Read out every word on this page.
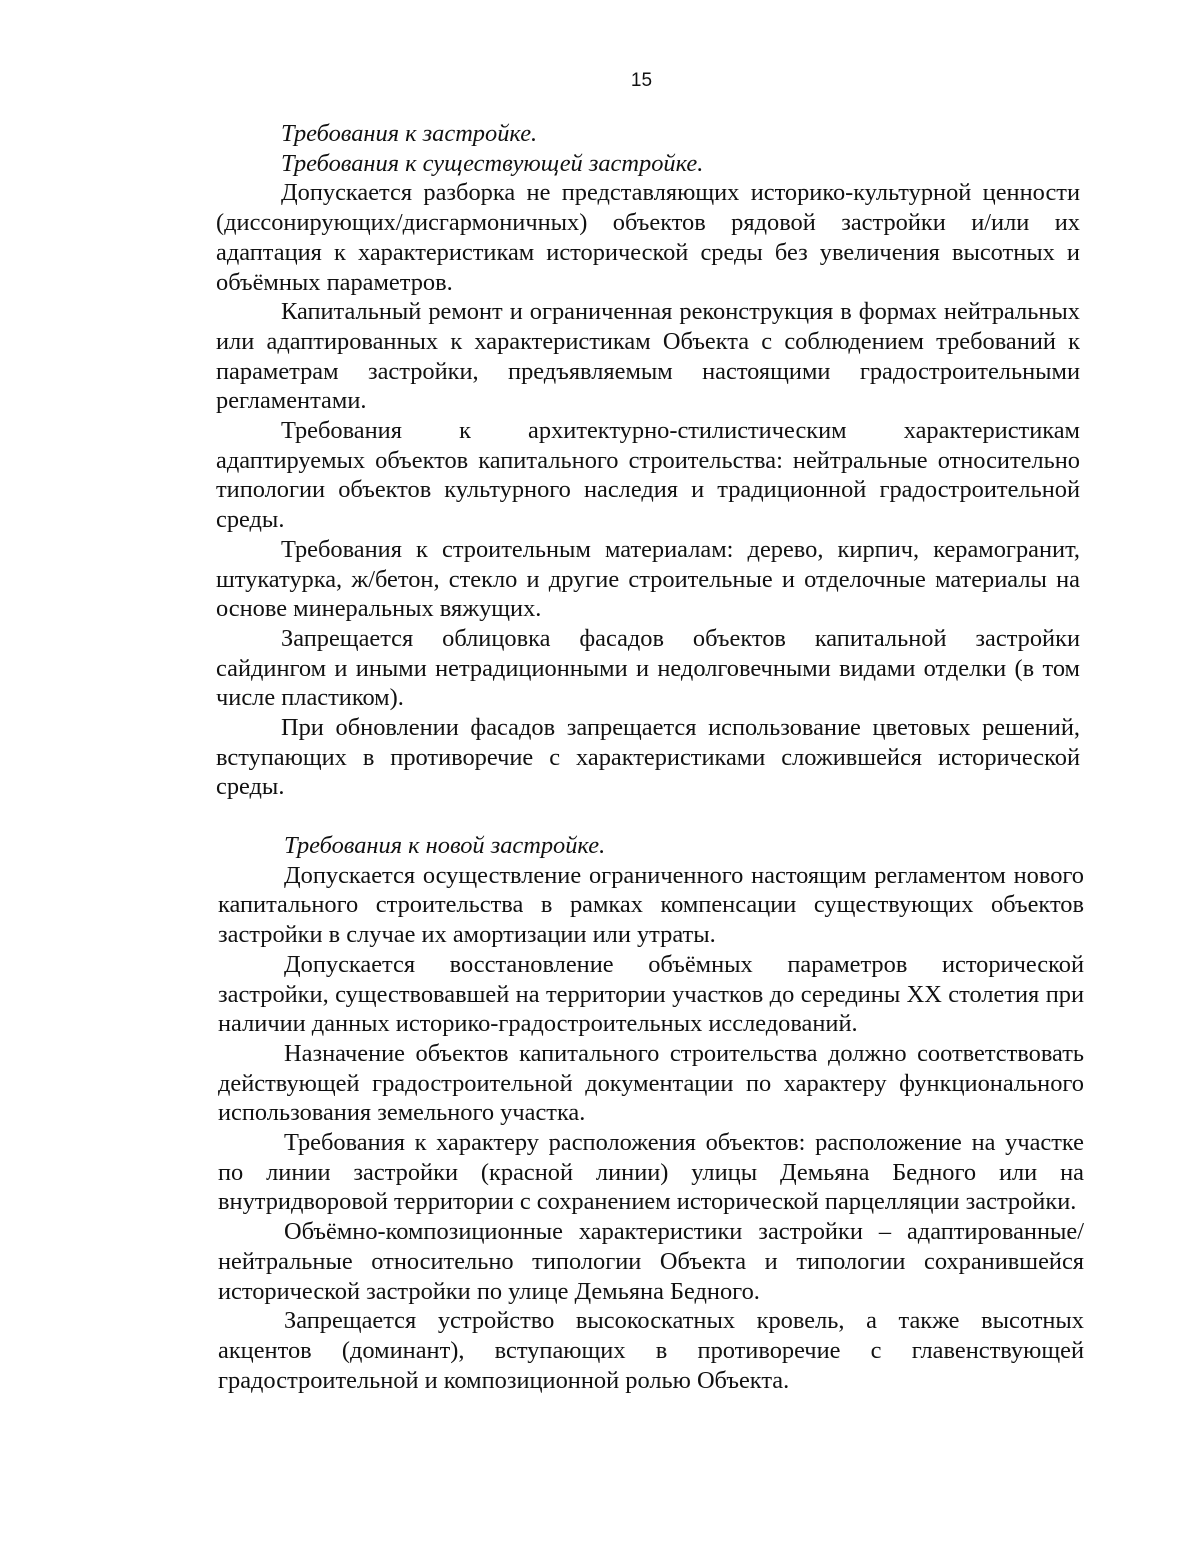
15

Требования к застройке.

Требования к существующей застройке.

Допускается разборка не представляющих историко-культурной ценности (диссонирующих/дисгармоничных) объектов рядовой застройки и/или их адаптация к характеристикам исторической среды без увеличения высотных и объёмных параметров.

Капитальный ремонт и ограниченная реконструкция в формах нейтральных или адаптированных к характеристикам Объекта с соблюдением требований к параметрам застройки, предъявляемым настоящими градостроительными регламентами.

Требования к архитектурно-стилистическим характеристикам адаптируемых объектов капитального строительства: нейтральные относительно типологии объектов культурного наследия и традиционной градостроительной среды.

Требования к строительным материалам: дерево, кирпич, керамогранит, штукатурка, ж/бетон, стекло и другие строительные и отделочные материалы на основе минеральных вяжущих.

Запрещается облицовка фасадов объектов капитальной застройки сайдингом и иными нетрадиционными и недолговечными видами отделки (в том числе пластиком).

При обновлении фасадов запрещается использование цветовых решений, вступающих в противоречие с характеристиками сложившейся исторической среды.

Требования к новой застройке.

Допускается осуществление ограниченного настоящим регламентом нового капитального строительства в рамках компенсации существующих объектов застройки в случае их амортизации или утраты.

Допускается восстановление объёмных параметров исторической застройки, существовавшей на территории участков до середины XX столетия при наличии данных историко-градостроительных исследований.

Назначение объектов капитального строительства должно соответствовать действующей градостроительной документации по характеру функционального использования земельного участка.

Требования к характеру расположения объектов: расположение на участке по линии застройки (красной линии) улицы Демьяна Бедного или на внутридворовой территории с сохранением исторической парцелляции застройки.

Объёмно-композиционные характеристики застройки – адаптированные/нейтральные относительно типологии Объекта и типологии сохранившейся исторической застройки по улице Демьяна Бедного.

Запрещается устройство высокоскатных кровель, а также высотных акцентов (доминант), вступающих в противоречие с главенствующей градостроительной и композиционной ролью Объекта.
